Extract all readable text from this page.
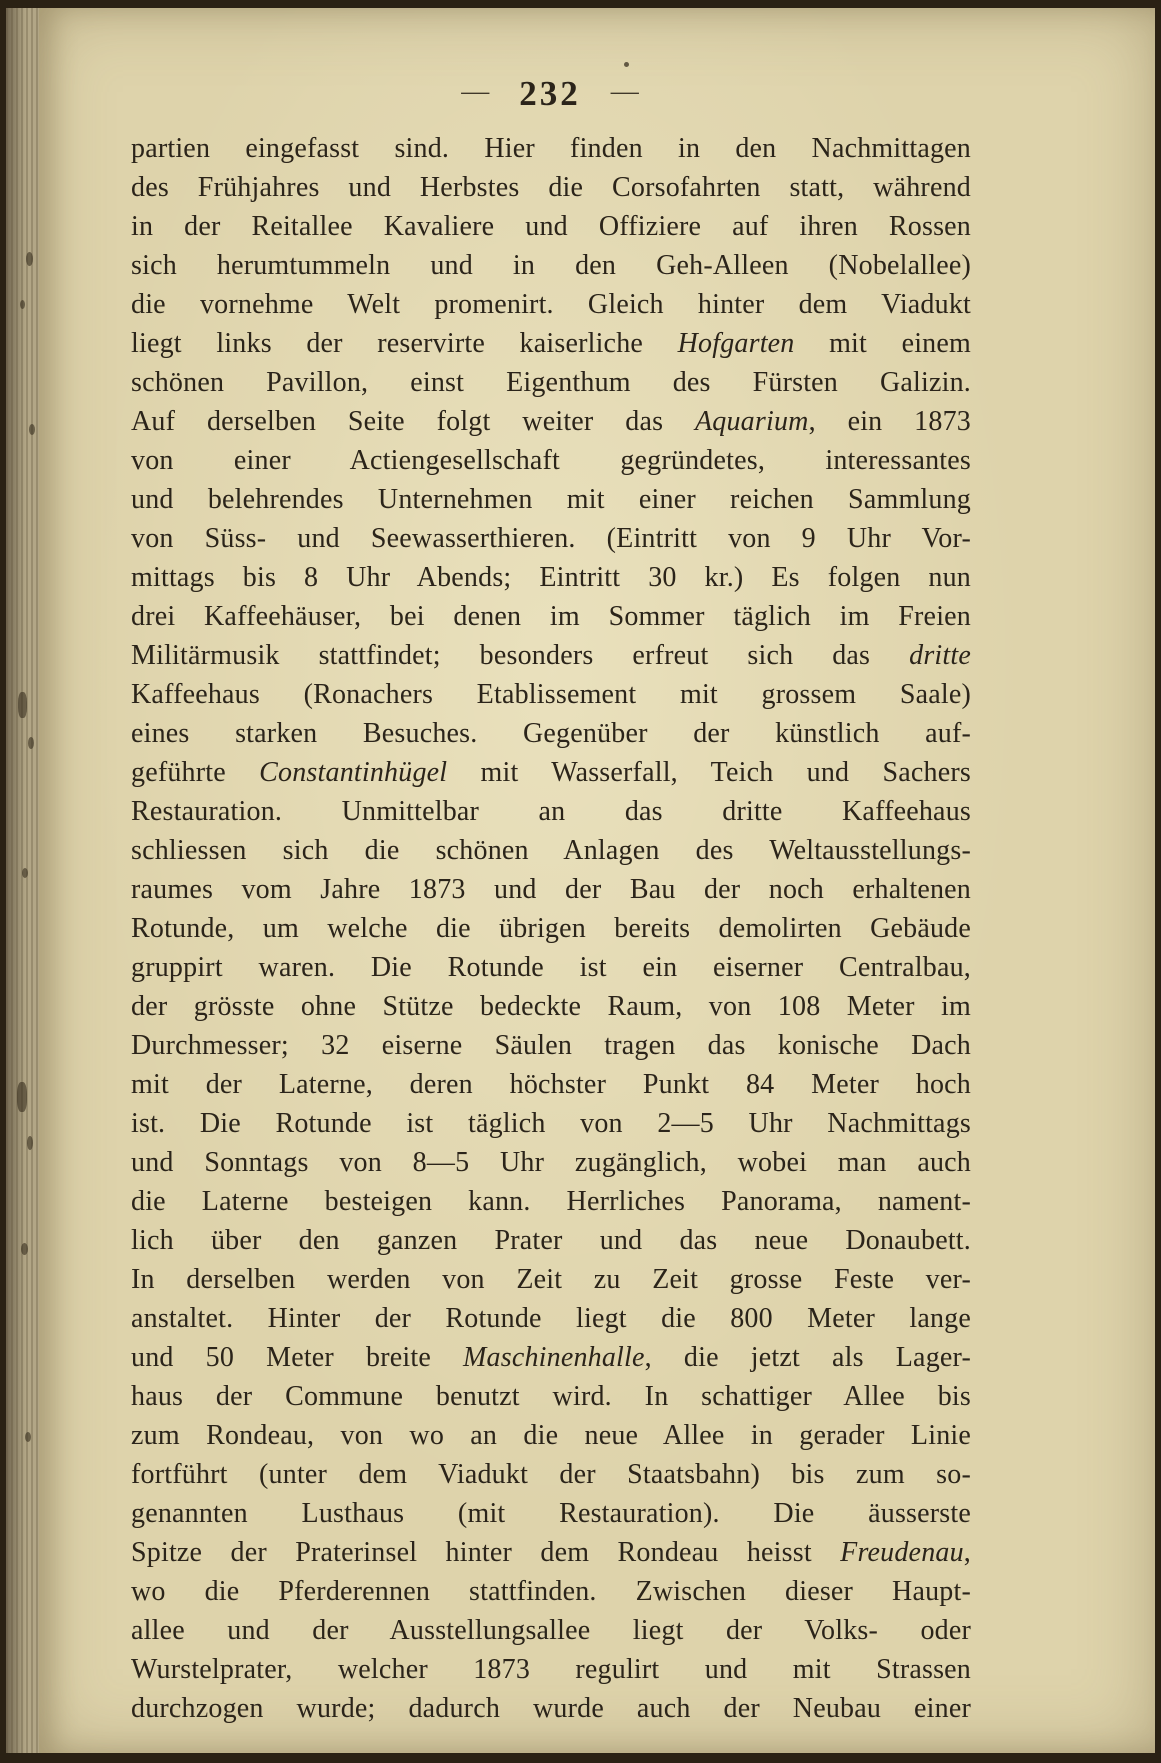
— 232 —
partien eingefasst sind. Hier finden in den Nachmittagen
des Frühjahres und Herbstes die Corsofahrten statt, während
in der Reitallee Kavaliere und Offiziere auf ihren Rossen
sich herumtummeln und in den Geh-Alleen (Nobelallee)
die vornehme Welt promenirt. Gleich hinter dem Viadukt
liegt links der reservirte kaiserliche Hofgarten mit einem
schönen Pavillon, einst Eigenthum des Fürsten Galizin.
Auf derselben Seite folgt weiter das Aquarium, ein 1873
von einer Actiengesellschaft gegründetes, interessantes
und belehrendes Unternehmen mit einer reichen Sammlung
von Süss- und Seewasserthieren. (Eintritt von 9 Uhr Vor-
mittags bis 8 Uhr Abends; Eintritt 30 kr.) Es folgen nun
drei Kaffeehäuser, bei denen im Sommer täglich im Freien
Militärmusik stattfindet; besonders erfreut sich das dritte
Kaffeehaus (Ronachers Etablissement mit grossem Saale)
eines starken Besuches. Gegenüber der künstlich auf-
geführte Constantinhügel mit Wasserfall, Teich und Sachers
Restauration. Unmittelbar an das dritte Kaffeehaus
schliessen sich die schönen Anlagen des Weltausstellungs-
raumes vom Jahre 1873 und der Bau der noch erhaltenen
Rotunde, um welche die übrigen bereits demolirten Gebäude
gruppirt waren. Die Rotunde ist ein eiserner Centralbau,
der grösste ohne Stütze bedeckte Raum, von 108 Meter im
Durchmesser; 32 eiserne Säulen tragen das konische Dach
mit der Laterne, deren höchster Punkt 84 Meter hoch
ist. Die Rotunde ist täglich von 2—5 Uhr Nachmittags
und Sonntags von 8—5 Uhr zugänglich, wobei man auch
die Laterne besteigen kann. Herrliches Panorama, nament-
lich über den ganzen Prater und das neue Donaubett.
In derselben werden von Zeit zu Zeit grosse Feste ver-
anstaltet. Hinter der Rotunde liegt die 800 Meter lange
und 50 Meter breite Maschinenhalle, die jetzt als Lager-
haus der Commune benutzt wird. In schattiger Allee bis
zum Rondeau, von wo an die neue Allee in gerader Linie
fortführt (unter dem Viadukt der Staatsbahn) bis zum so-
genannten Lusthaus (mit Restauration). Die äusserste
Spitze der Praterinsel hinter dem Rondeau heisst Freudenau,
wo die Pferderennen stattfinden. Zwischen dieser Haupt-
allee und der Ausstellungsallee liegt der Volks- oder
Wurstelprater, welcher 1873 regulirt und mit Strassen
durchzogen wurde; dadurch wurde auch der Neubau einer
